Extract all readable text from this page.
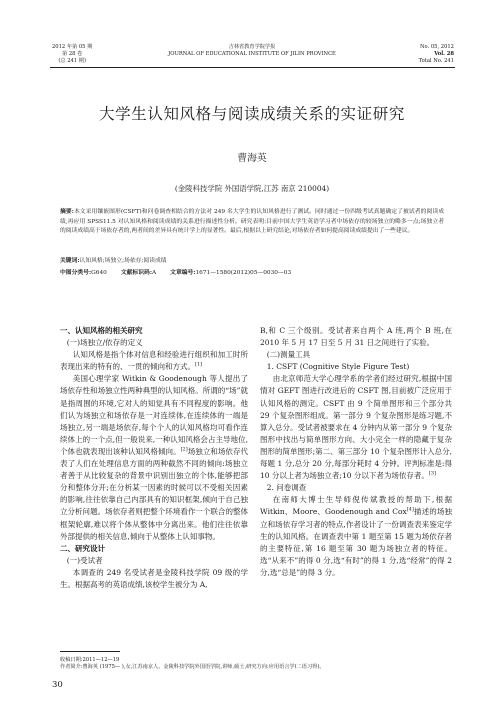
2012 年第 05 期
第 28 卷
(总 241 期)
吉林省教育学院学报
JOURNAL OF EDUCATIONAL INSTITUTE OF JILIN PROVINCE
No. 05, 2012
Vol. 28
Total No. 241
大学生认知风格与阅读成绩关系的实证研究
曹海英
(金陵科技学院 外国语学院,江苏 南京 210004)
摘要:本文采用镶嵌图形(CSFT)和问卷调查相结合的方法对 249 名大学生的认知风格进行了测试。同时通过一份四级考试真题确定了被试者的阅读成绩,再应用 SPSS11.5 对认知风格和阅读成绩的关系进行描述性分析。研究表明:目前中国大学生英语学习者中场依存的较场独立的略多一点;场独立者的阅读成绩高于场依存者的,两者间的差异具有统计学上的显著性。最后,根据以上研究结论,对场依存者如何提高阅读成绩提出了一些建议。
关键词:认知风格;场独立;场依存;阅读成绩
中图分类号:G640 文献标识码:A 文章编号:1671—1580(2012)05—0030—03

一、认知风格的相关研究

(一)场独立/依存的定义

认知风格是指个体对信息和经验进行组织和加工时所表现出来的特有的、一贯的倾向和方式。[1]

美国心理学家 Witkin & Goodenough 等人提出了场依存性和场独立性两种典型的认知风格。所谓的“场”就是指周围的环境,它对人的知觉具有不同程度的影响。他们认为场独立和场依存是一对连续体,在连续体的一端是场独立,另一端是场依存,每个个人的认知风格均可看作连续体上的一个点,但一般说来,一种认知风格会占主导地位,个体也就表现出该种认知风格倾向。[2]场独立和场依存代表了人们在处理信息方面的两种截然不同的倾向:场独立者善于从比较复杂的背景中识别出独立的个体,能够把部分和整体分开;在分析某一因素的时候可以不受相关因素的影响,往往依靠自己内部具有的知识框架,倾向于自己独立分析问题。场依存者则把整个环境看作一个联合的整体框架轮廓,难以将个体从整体中分离出来。他们往往依靠外部提供的相关信息,倾向于从整体上认知事物。

二、研究设计

(一)受试者

本调查的 249 名受试者是金陵科技学院 09 级的学生。根据高考的英语成绩,该校学生被分为 A,

B,和 C 三个级别。受试者来自两个 A 班,两个 B 班,在 2010 年 5 月 17 日至 5 月 31 日之间进行了实验。

(二)测量工具

1. CSFT (Cognitive Style Figure Test)

由北京师范大学心理学系的学者们经过研究,根据中国情对 GEFT 图进行改进后的 CSFT 图,目前被广泛应用于认知风格的测定。CSFT 由 9 个简单图形和三个部分共 29 个复杂图形组成。第一部分 9 个复杂图形是练习题,不算入总分。受试者被要求在 4 分钟内从第一部分 9 个复杂图形中找出与简单图形方向、大小完全一样的隐藏于复杂图形的简单图形;第二、第三部分 10 个复杂图形计入总分,每题 1 分,总分 20 分,每部分耗时 4 分钟。评判标准是:得 10 分以上者为场独立者;10 分以下者为场依存者。[3]

2. 问卷调查

在南师大博士生导师倪传斌教授的帮助下,根据 Witkin、Moore、Goodenough and Cox[4]描述的场独立和场依存学习者的特点,作者设计了一份调查表来鉴定学生的认知风格。在调查表中第 1 题至第 15 题为场依存者的主要特征,第 16 题至第 30 题为场独立者的特征。选“从来不”的得 0 分,选“有时”的得 1 分,选“经常”的得 2 分,选“总是”的得 3 分。

收稿日期:2011—12—19
作者简介:曹海英 (1975— ),女,江苏南京人。金陵科技学院外国语学院,讲师,硕士,研究方向:应用语言学(二语习得)。
30
